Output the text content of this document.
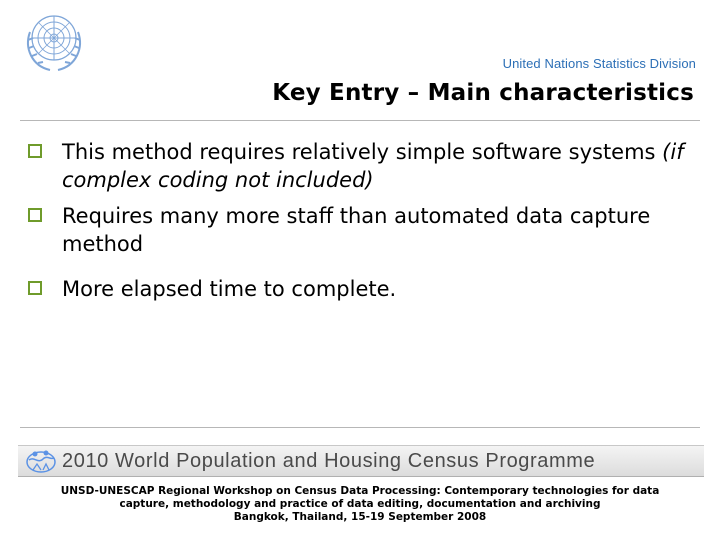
United Nations Statistics Division
Key Entry – Main characteristics
This method requires relatively simple software systems (if complex coding not included)
Requires many more staff than automated data capture method
More elapsed time to complete.
2010 World Population and Housing Census Programme
UNSD-UNESCAP Regional Workshop on Census Data Processing: Contemporary technologies for data
capture, methodology and practice of data editing, documentation and archiving
Bangkok, Thailand, 15-19 September 2008
